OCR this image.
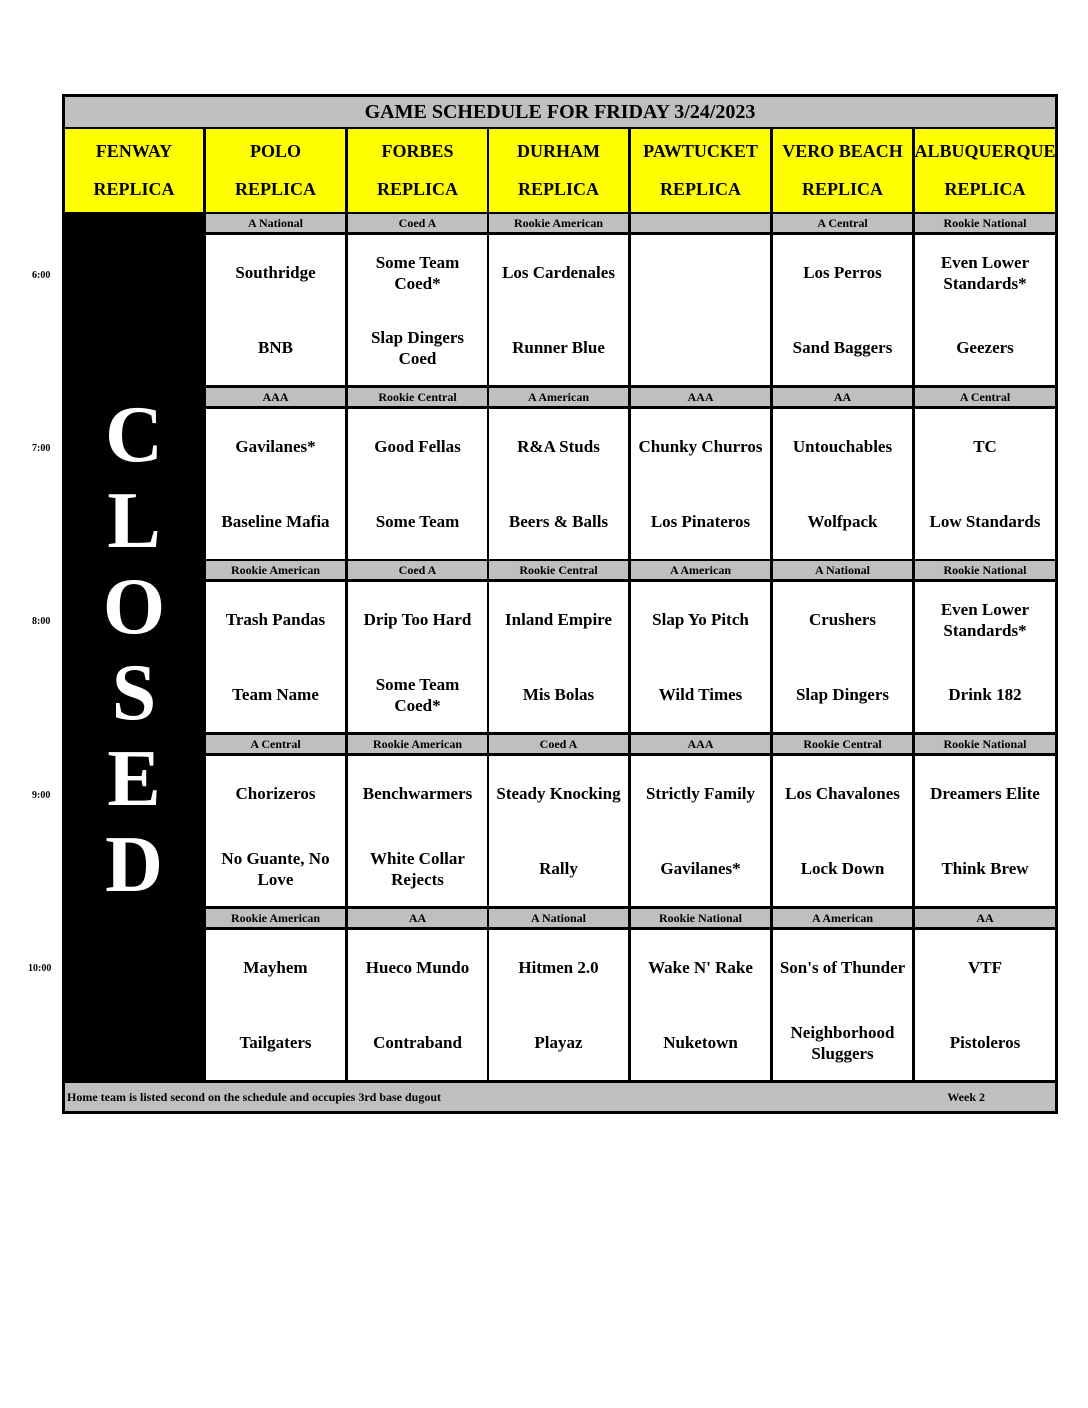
GAME SCHEDULE FOR FRIDAY 3/24/2023
FENWAY
REPLICA
POLO
REPLICA
FORBES
REPLICA
DURHAM
REPLICA
PAWTUCKET
REPLICA
VERO BEACH
REPLICA
ALBUQUERQUE
REPLICA
C
L
O
S
E
D
A National
Southridge
BNB
Coed A
Some Team Coed*
Slap Dingers Coed
Rookie American
Los Cardenales
Runner Blue
A Central
Los Perros
Sand Baggers
Rookie National
Even Lower Standards*
Geezers
AAA
Gavilanes*
Baseline Mafia
Rookie Central
Good Fellas
Some Team
A American
R&A Studs
Beers & Balls
AAA
Chunky Churros
Los Pinateros
AA
Untouchables
Wolfpack
A Central
TC
Low Standards
Rookie American
Trash Pandas
Team Name
Coed A
Drip Too Hard
Some Team Coed*
Rookie Central
Inland Empire
Mis Bolas
A American
Slap Yo Pitch
Wild Times
A National
Crushers
Slap Dingers
Rookie National
Even Lower Standards*
Drink 182
A Central
Chorizeros
No Guante, No Love
Rookie American
Benchwarmers
White Collar Rejects
Coed A
Steady Knocking
Rally
AAA
Strictly Family
Gavilanes*
Rookie Central
Los Chavalones
Lock Down
Rookie National
Dreamers Elite
Think Brew
Rookie American
Mayhem
Tailgaters
AA
Hueco Mundo
Contraband
A National
Hitmen 2.0
Playaz
Rookie National
Wake N' Rake
Nuketown
A American
Son's of Thunder
Neighborhood Sluggers
AA
VTF
Pistoleros
Home team is listed second on the schedule and occupies 3rd base dugout	Week 2
6:00
7:00
8:00
9:00
10:00
